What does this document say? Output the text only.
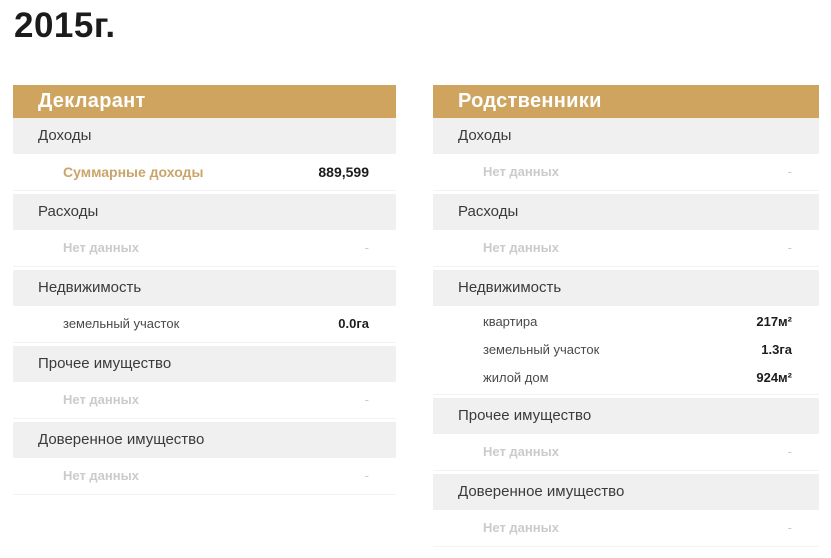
2015г.
Декларант
Доходы
Суммарные доходы	889,599
Расходы
Нет данных	-
Недвижимость
земельный участок	0.0га
Прочее имущество
Нет данных	-
Доверенное имущество
Нет данных	-
Родственники
Доходы
Нет данных	-
Расходы
Нет данных	-
Недвижимость
квартира	217м²
земельный участок	1.3га
жилой дом	924м²
Прочее имущество
Нет данных	-
Доверенное имущество
Нет данных	-
